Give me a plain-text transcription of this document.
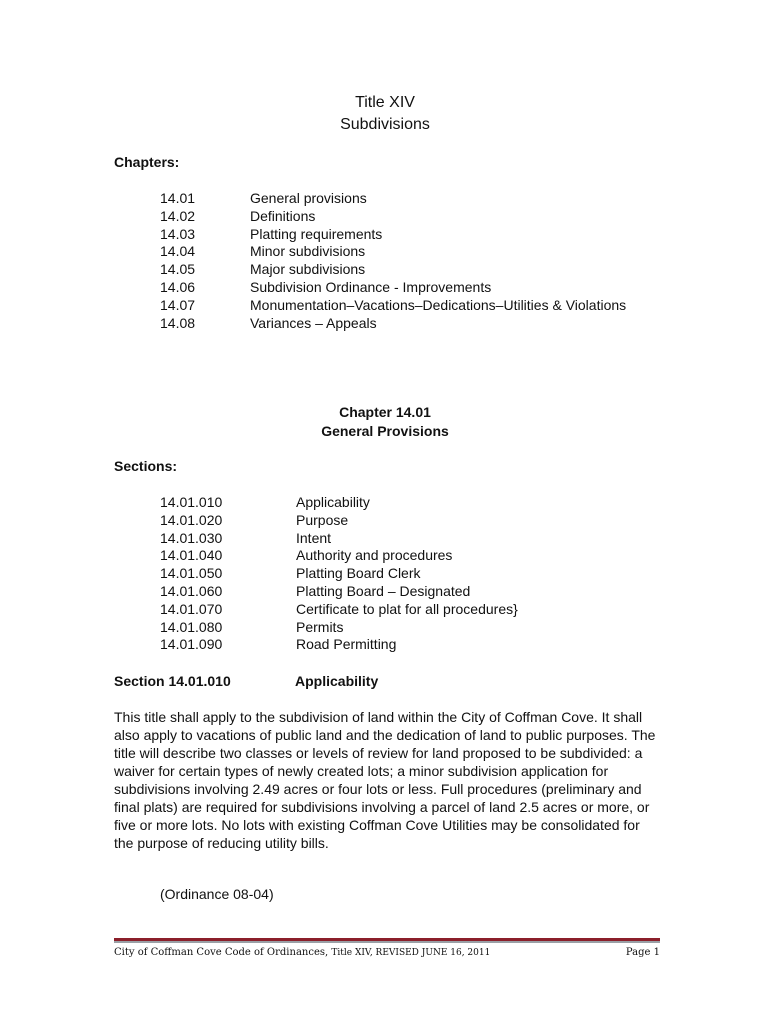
Title XIV
Subdivisions
Chapters:
14.01	General provisions
14.02	Definitions
14.03	Platting requirements
14.04	Minor subdivisions
14.05	Major subdivisions
14.06	Subdivision Ordinance - Improvements
14.07	Monumentation–Vacations–Dedications–Utilities & Violations
14.08	Variances – Appeals
Chapter 14.01
General Provisions
Sections:
14.01.010	Applicability
14.01.020	Purpose
14.01.030	Intent
14.01.040	Authority and procedures
14.01.050	Platting Board Clerk
14.01.060	Platting Board – Designated
14.01.070	Certificate to plat for all procedures}
14.01.080	Permits
14.01.090	Road Permitting
Section 14.01.010	Applicability
This title shall apply to the subdivision of land within the City of Coffman Cove. It shall also apply to vacations of public land and the dedication of land to public purposes. The title will describe two classes or levels of review for land proposed to be subdivided: a waiver for certain types of newly created lots; a minor subdivision application for subdivisions involving 2.49 acres or four lots or less. Full procedures (preliminary and final plats) are required for subdivisions involving a parcel of land 2.5 acres or more, or five or more lots. No lots with existing Coffman Cove Utilities may be consolidated for the purpose of reducing utility bills.
(Ordinance 08-04)
City of Coffman Cove Code of Ordinances, Title XIV, REVISED JUNE 16, 2011	Page 1
